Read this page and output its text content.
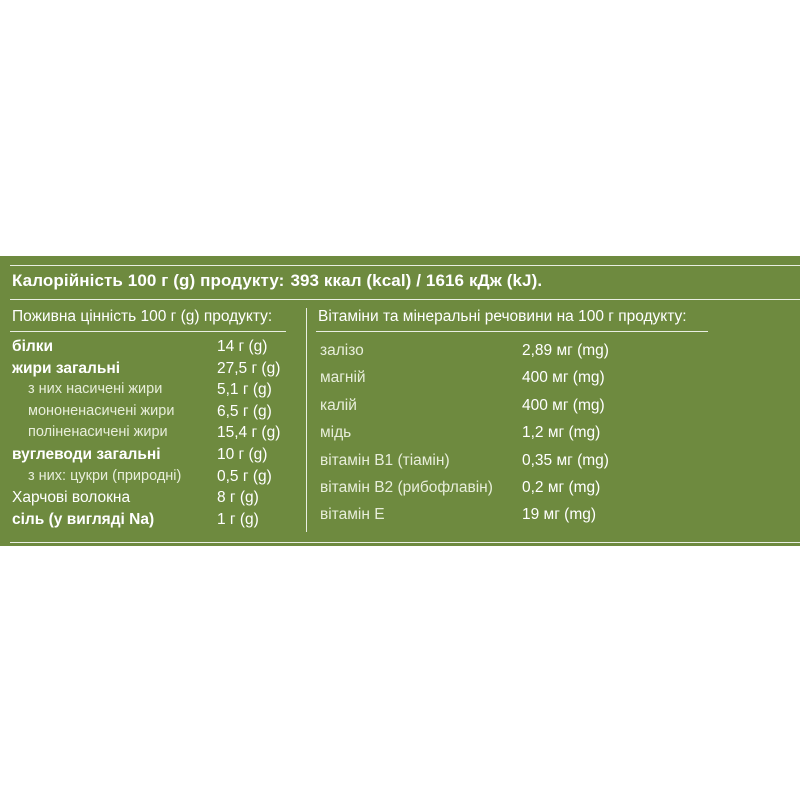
Калорійність 100 г (g) продукту: 393 ккал (kcal) / 1616 кДж (kJ).
Поживна цінність 100 г (g) продукту:	Вітаміни та мінеральні речовини на 100 г продукту:
білки	14 г (g)
жири загальні	27,5 г (g)
з них насичені жири	5,1 г (g)
мононенасичені жири	6,5 г (g)
поліненасичені жири	15,4 г (g)
вуглеводи загальні	10 г (g)
з них: цукри (природні) 0,5 г (g)
Харчові волокна	8 г (g)
сіль (у вигляді Na)	1 г (g)
залізо	2,89 мг (mg)
магній	400 мг (mg)
калій	400 мг (mg)
мідь	1,2 мг (mg)
вітамін В1 (тіамін)	0,35 мг (mg)
вітамін В2 (рибофлавін) 0,2 мг (mg)
вітамін Е	19 мг (mg)
